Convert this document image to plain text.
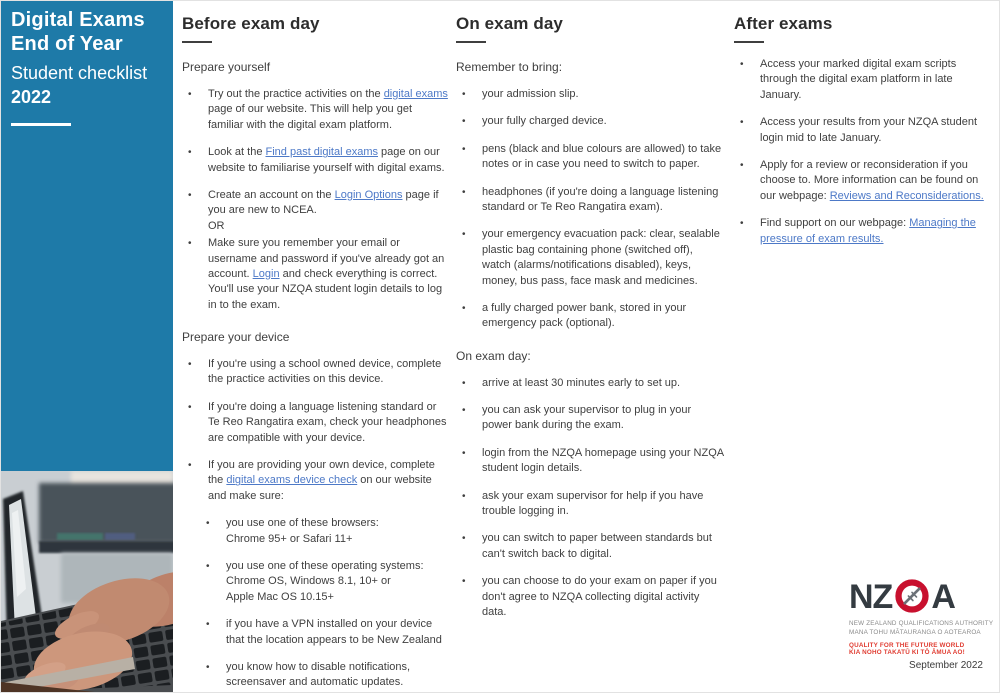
Digital Exams
End of Year
Student checklist
2022
Before exam day
Prepare yourself
•	Try out the practice activities on the digital exams page of our website. This will help you get familiar with the digital exam platform.
•	Look at the Find past digital exams page on our website to familiarise yourself with digital exams.
•	Create an account on the Login Options page if you are new to NCEA.
OR
•	Make sure you remember your email or username and password if you've already got an account. Login and check everything is correct. You'll use your NZQA student login details to log in to the exam.
Prepare your device
•	If you're using a school owned device, complete the practice activities on this device.
•	If you're doing a language listening standard or Te Reo Rangatira exam, check your headphones are compatible with your device.
•	If you are providing your own device, complete the digital exams device check on our website and make sure:
•	you use one of these browsers:
Chrome 95+ or Safari 11+
•	you use one of these operating systems:
Chrome OS, Windows 8.1, 10+ or
Apple Mac OS 10.15+
•	if you have a VPN installed on your device that the location appears to be New Zealand
•	you know how to disable notifications, screensaver and automatic updates.
On exam day
Remember to bring:
•	your admission slip.
•	your fully charged device.
•	pens (black and blue colours are allowed) to take notes or in case you need to switch to paper.
•	headphones (if you're doing a language listening standard or Te Reo Rangatira exam).
•	your emergency evacuation pack: clear, sealable plastic bag containing phone (switched off), watch (alarms/notifications disabled), keys, money, bus pass, face mask and medicines.
•	a fully charged power bank, stored in your emergency pack (optional).
On exam day:
•	arrive at least 30 minutes early to set up.
•	you can ask your supervisor to plug in your power bank during the exam.
•	login from the NZQA homepage using your NZQA student login details.
•	ask your exam supervisor for help if you have trouble logging in.
•	you can switch to paper between standards but can't switch back to digital.
•	you can choose to do your exam on paper if you don't agree to NZQA collecting digital activity data.
After exams
•	Access your marked digital exam scripts through the digital exam platform in late January.
•	Access your results from your NZQA student login mid to late January.
•	Apply for a review or reconsideration if you choose to. More information can be found on our webpage: Reviews and Reconsiderations.
•	Find support on our webpage: Managing the pressure of exam results.
NZ A
NEW ZEALAND QUALIFICATIONS AUTHORITY
MANA TOHU MĀTAURANGA O AOTEAROA
QUALITY FOR THE FUTURE WORLD
KIA NOHO TAKATŪ KI TŌ ĀMUA AO!
September 2022
